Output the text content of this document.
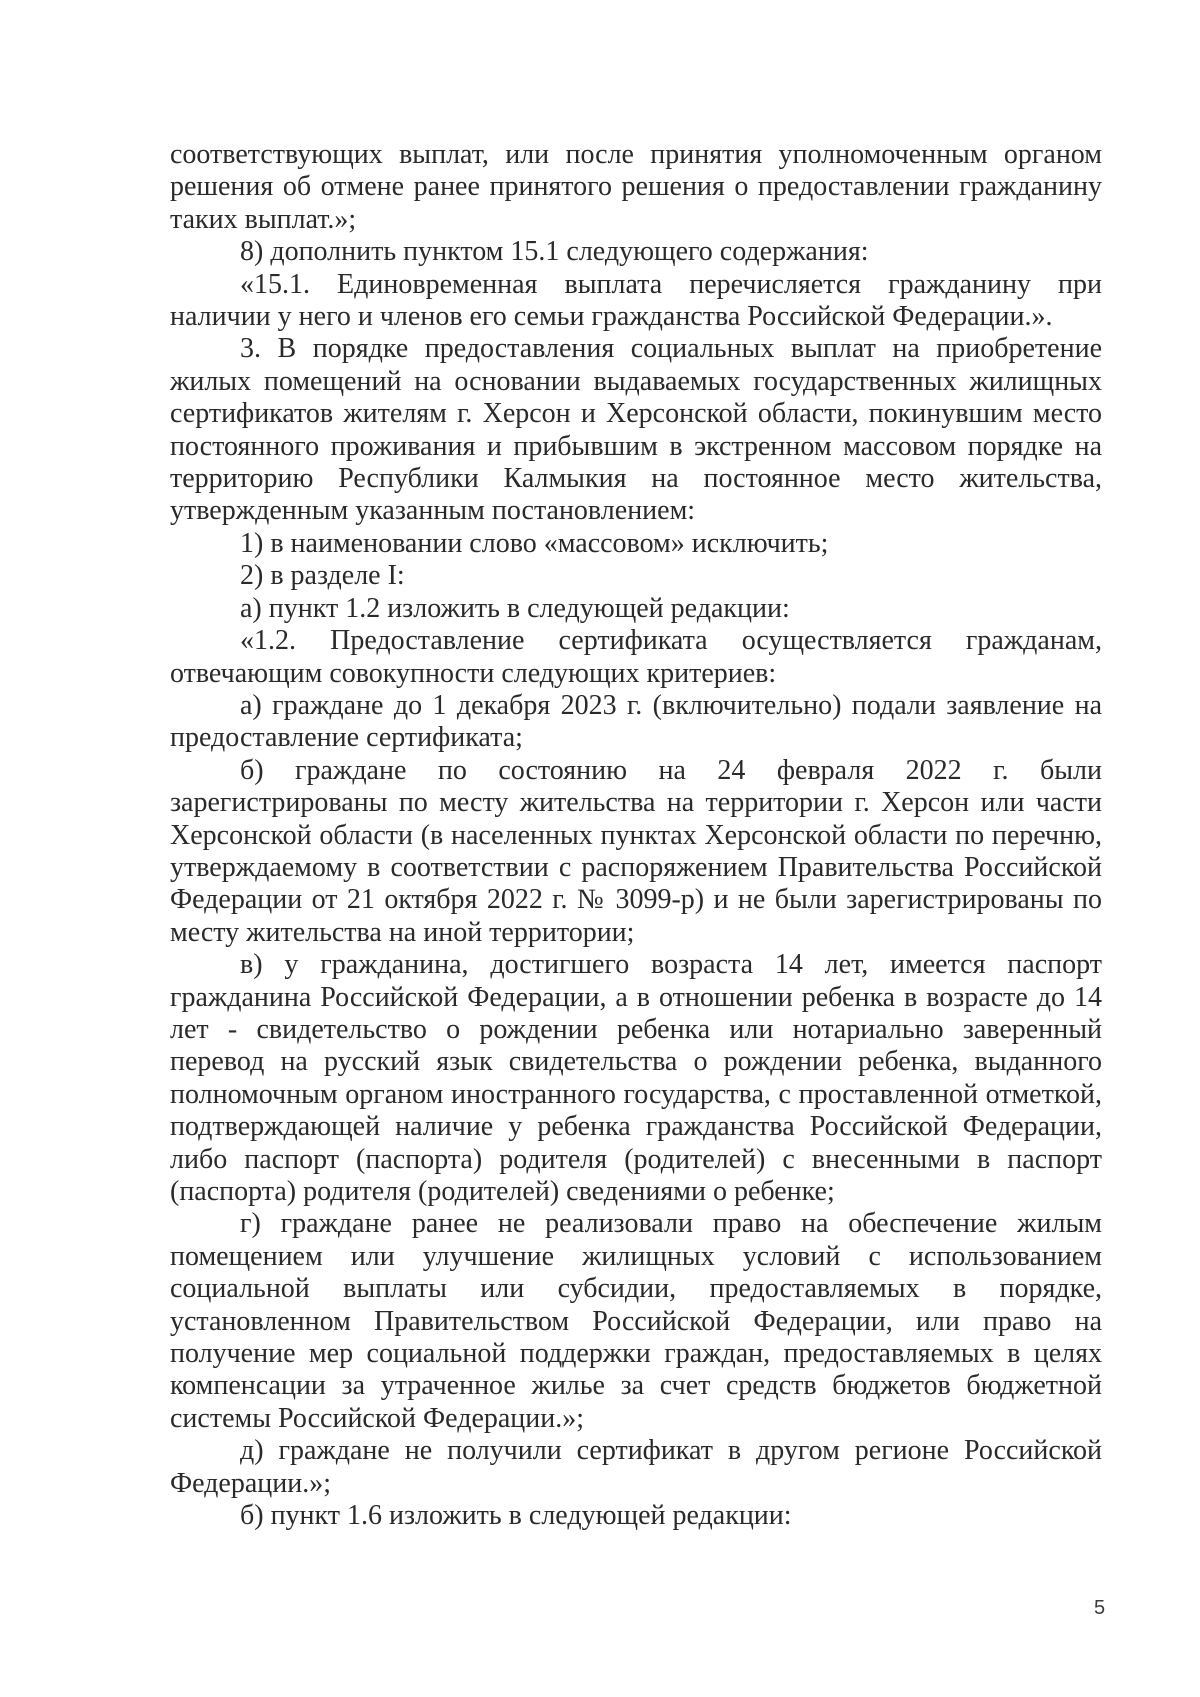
соответствующих выплат, или после принятия уполномоченным органом решения об отмене ранее принятого решения о предоставлении гражданину таких выплат.»;

8) дополнить пунктом 15.1 следующего содержания:

«15.1. Единовременная выплата перечисляется гражданину при наличии у него и членов его семьи гражданства Российской Федерации.».

3. В порядке предоставления социальных выплат на приобретение жилых помещений на основании выдаваемых государственных жилищных сертификатов жителям г. Херсон и Херсонской области, покинувшим место постоянного проживания и прибывшим в экстренном массовом порядке на территорию Республики Калмыкия на постоянное место жительства, утвержденным указанным постановлением:

1) в наименовании слово «массовом» исключить;

2) в разделе I:

а) пункт 1.2 изложить в следующей редакции:

«1.2. Предоставление сертификата осуществляется гражданам, отвечающим совокупности следующих критериев:

а) граждане до 1 декабря 2023 г. (включительно) подали заявление на предоставление сертификата;

б) граждане по состоянию на 24 февраля 2022 г. были зарегистрированы по месту жительства на территории г. Херсон или части Херсонской области (в населенных пунктах Херсонской области по перечню, утверждаемому в соответствии с распоряжением Правительства Российской Федерации от 21 октября 2022 г. № 3099-р) и не были зарегистрированы по месту жительства на иной территории;

в) у гражданина, достигшего возраста 14 лет, имеется паспорт гражданина Российской Федерации, а в отношении ребенка в возрасте до 14 лет - свидетельство о рождении ребенка или нотариально заверенный перевод на русский язык свидетельства о рождении ребенка, выданного полномочным органом иностранного государства, с проставленной отметкой, подтверждающей наличие у ребенка гражданства Российской Федерации, либо паспорт (паспорта) родителя (родителей) с внесенными в паспорт (паспорта) родителя (родителей) сведениями о ребенке;

г) граждане ранее не реализовали право на обеспечение жилым помещением или улучшение жилищных условий с использованием социальной выплаты или субсидии, предоставляемых в порядке, установленном Правительством Российской Федерации, или право на получение мер социальной поддержки граждан, предоставляемых в целях компенсации за утраченное жилье за счет средств бюджетов бюджетной системы Российской Федерации.»;

д) граждане не получили сертификат в другом регионе Российской Федерации.»;

б) пункт 1.6 изложить в следующей редакции:

5
